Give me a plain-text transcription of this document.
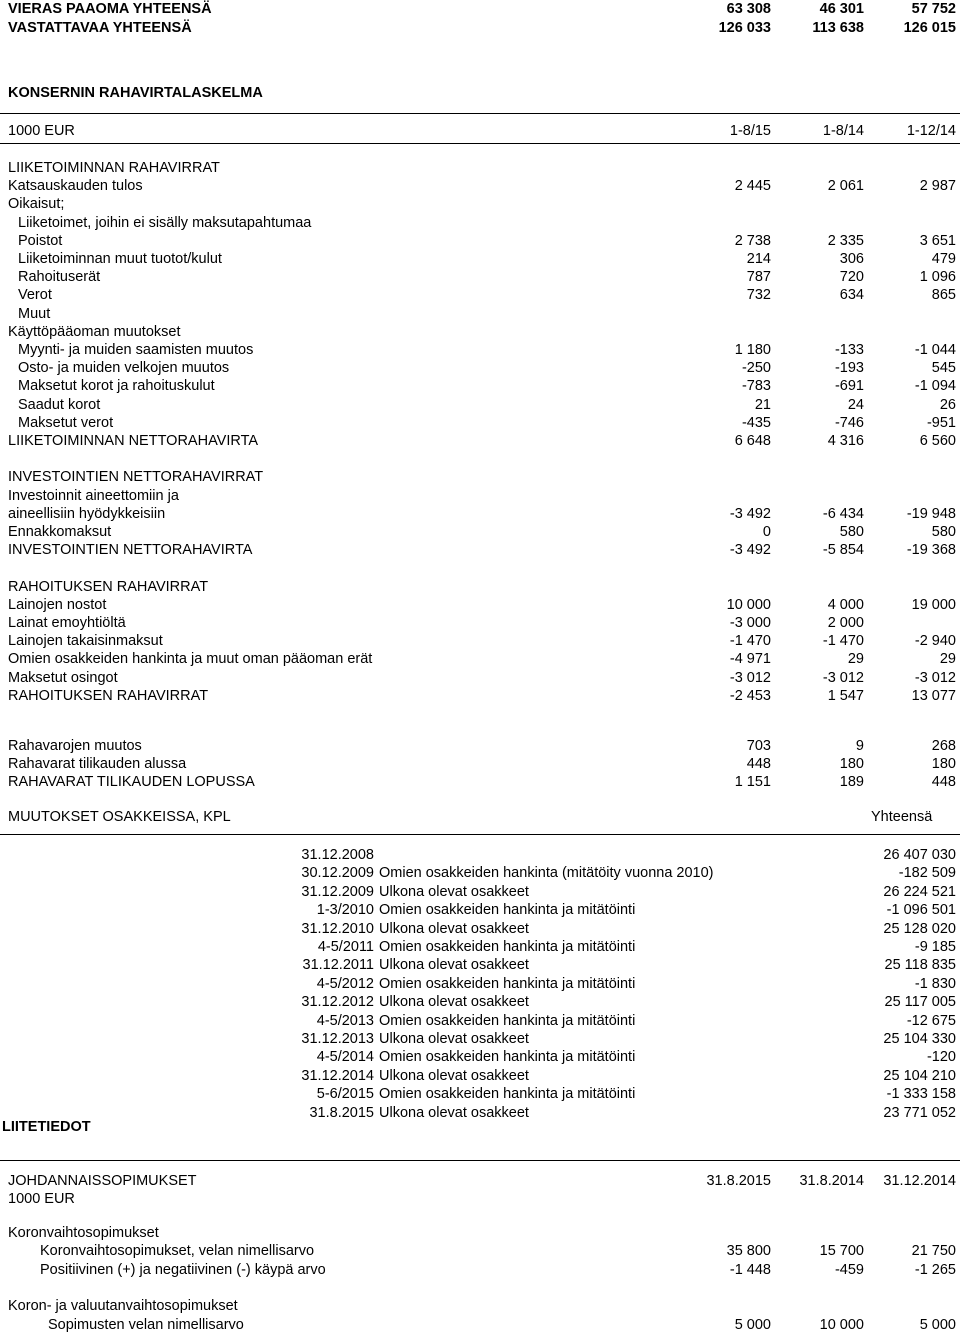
VIERAS PAAOMA YHTEENSÄ	63 308	46 301	57 752
VASTATTAVAA YHTEENSÄ	126 033	113 638	126 015
KONSERNIN RAHAVIRTALASKELMA
1000 EUR	1-8/15	1-8/14	1-12/14
LIIKETOIMINNAN RAHAVIRRAT
Katsauskauden tulos	2 445	2 061	2 987
Oikaisut;
Liiketoimet, joihin ei sisälly maksutapahtumaa
Poistot	2 738	2 335	3 651
Liiketoiminnan muut tuotot/kulut	214	306	479
Rahoituserät	787	720	1 096
Verot	732	634	865
Muut
Käyttöpääoman muutokset
Myynti- ja muiden saamisten muutos	1 180	-133	-1 044
Osto- ja muiden velkojen muutos	-250	-193	545
Maksetut korot ja rahoituskulut	-783	-691	-1 094
Saadut korot	21	24	26
Maksetut verot	-435	-746	-951
LIIKETOIMINNAN NETTORAHAVIRTA	6 648	4 316	6 560
INVESTOINTIEN NETTORAHAVIRRAT
Investoinnit aineettomiin ja
aineellisiin hyödykkeisiin	-3 492	-6 434	-19 948
Ennakkomaksut	0	580	580
INVESTOINTIEN NETTORAHAVIRTA	-3 492	-5 854	-19 368
RAHOITUKSEN RAHAVIRRAT
Lainojen nostot	10 000	4 000	19 000
Lainat emoyhtiöltä	-3 000	2 000
Lainojen takaisinmaksut	-1 470	-1 470	-2 940
Omien osakkeiden hankinta ja muut oman pääoman erät	-4 971	29	29
Maksetut osingot	-3 012	-3 012	-3 012
RAHOITUKSEN RAHAVIRRAT	-2 453	1 547	13 077
Rahavarojen muutos	703	9	268
Rahavarat tilikauden alussa	448	180	180
RAHAVARAT TILIKAUDEN LOPUSSA	1 151	189	448
MUUTOKSET OSAKKEISSA, KPL	Yhteensä
31.12.2008	26 407 030
30.12.2009 Omien osakkeiden hankinta (mitätöity vuonna 2010)	-182 509
31.12.2009 Ulkona olevat osakkeet	26 224 521
1-3/2010 Omien osakkeiden hankinta ja mitätöinti	-1 096 501
31.12.2010 Ulkona olevat osakkeet	25 128 020
4-5/2011 Omien osakkeiden hankinta ja mitätöinti	-9 185
31.12.2011 Ulkona olevat osakkeet	25 118 835
4-5/2012 Omien osakkeiden hankinta ja mitätöinti	-1 830
31.12.2012 Ulkona olevat osakkeet	25 117 005
4-5/2013 Omien osakkeiden hankinta ja mitätöinti	-12 675
31.12.2013 Ulkona olevat osakkeet	25 104 330
4-5/2014 Omien osakkeiden hankinta ja mitätöinti	-120
31.12.2014 Ulkona olevat osakkeet	25 104 210
5-6/2015 Omien osakkeiden hankinta ja mitätöinti	-1 333 158
31.8.2015 Ulkona olevat osakkeet	23 771 052
LIITETIEDOT
JOHDANNAISSOPIMUKSET	31.8.2015 31.8.2014 31.12.2014
1000 EUR
Koronvaihtosopimukset
Koronvaihtosopimukset, velan nimellisarvo	35 800	15 700	21 750
Positiivinen (+) ja negatiivinen (-) käypä arvo	-1 448	-459	-1 265
Koron- ja valuutanvaihtosopimukset
Sopimusten velan nimellisarvo	5 000	10 000	5 000
